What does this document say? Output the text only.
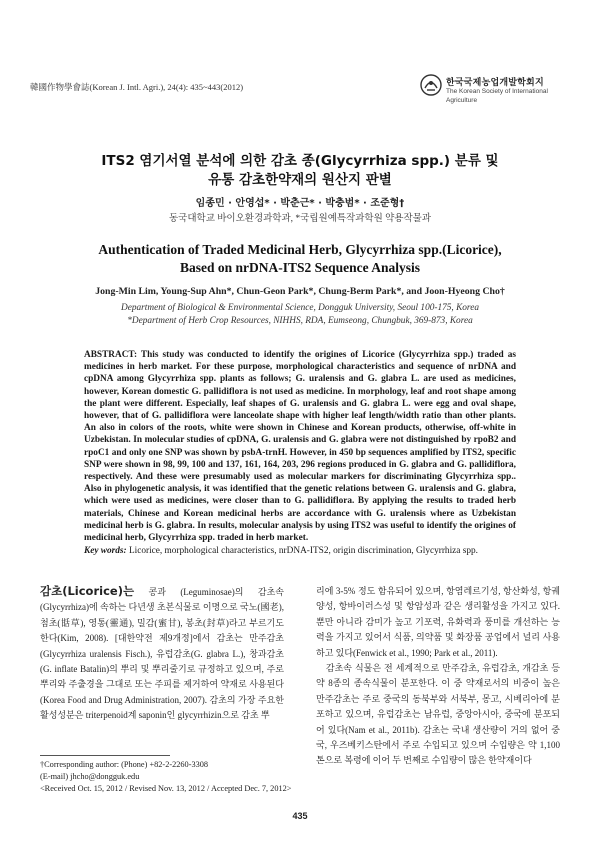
韓國作物學會誌(Korean J. Intl. Agri.), 24(4): 435~443(2012)	한국국제농업개발학회지
The Korean Society of International Agriculture
ITS2 염기서열 분석에 의한 감초 종(Glycyrrhiza spp.) 분류 및
유통 감초한약재의 원산지 판별
임종민 · 안영섭* · 박춘근* · 박충범* · 조준형†
동국대학교 바이오환경과학과, *국립원예특작과학원 약용작물과
Authentication of Traded Medicinal Herb, Glycyrrhiza spp.(Licorice),
Based on nrDNA-ITS2 Sequence Analysis
Jong-Min Lim, Young-Sup Ahn*, Chun-Geon Park*, Chung-Berm Park*, and Joon-Hyeong Cho†
Department of Biological & Environmental Science, Dongguk University, Seoul 100-175, Korea
*Department of Herb Crop Resources, NIHHS, RDA, Eumseong, Chungbuk, 369-873, Korea
ABSTRACT: This study was conducted to identify the origines of Licorice (Glycyrrhiza spp.) traded as medicines in herb market. For these purpose, morphological characteristics and sequence of nrDNA and cpDNA among Glycyrrhiza spp. plants as follows; G. uralensis and G. glabra L. are used as medicines, however, Korean domestic G. pallidiflora is not used as medicine. In morphology, leaf and root shape among the plant were different. Especially, leaf shapes of G. uralensis and G. glabra L. were egg and oval shape, however, that of G. pallidiflora were lanceolate shape with higher leaf length/width ratio than other plants. An also in colors of the roots, white were shown in Chinese and Korean products, otherwise, off-white in Uzbekistan. In molecular studies of cpDNA, G. uralensis and G. glabra were not distinguished by rpoB2 and rpoC1 and only one SNP was shown by psbA-trnH. However, in 450 bp sequences amplified by ITS2, specific SNP were shown in 98, 99, 100 and 137, 161, 164, 203, 296 regions produced in G. glabra and G. pallidiflora, respectively. And these were presumably used as molecular markers for discriminating Glycyrrhiza spp.. Also in phylogenetic analysis, it was identified that the genetic relations between G. uralensis and G. glabra, which were used as medicines, were closer than to G. pallidiflora. By applying the results to traded herb materials, Chinese and Korean medicinal herbs are accordance with G. uralensis where as Uzbekistan medicinal herb is G. glabra. In results, molecular analysis by using ITS2 was useful to identify the origines of medicinal herb, Glycyrrhiza spp. traded in herb market.
Key words: Licorice, morphological characteristics, nrDNA-ITS2, origin discrimination, Glycyrrhiza spp.
감초(Licorice)는 콩과 (Leguminosae)의 감초속 (Glycyrrhiza)에 속하는 다년생 초본식물로 이명으로 국노(國老), 첨초(甛草), 영통(靈通), 밀감(蜜甘), 봉초(封草)라고 부르기도 한다(Kim, 2008). [대한약전 제9개정]에서 감초는 만주감초(Glycyrrhiza uralensis Fisch.), 유럽감초(G. glabra L.), 창과감초(G. inflate Batalin)의 뿌리 및 뿌리줄기로 규정하고 있으며, 주로 뿌리와 주출경을 그대로 또는 주피를 제거하여 약재로 사용된다(Korea Food and Drug Administration, 2007). 감초의 가장 주요한 활성성분은 triterpenoid계 saponin인 glycyrrhizin으로 감초 뿌

리에 3-5% 정도 함유되어 있으며, 항염레르기성, 항산화성, 항궤양성, 항바이러스성 및 항암성과 같은 생리활성을 가지고 있다. 뿐만 아니라 감미가 높고 기포력, 유화력과 풍미를 개선하는 능력을 가지고 있어서 식품, 의약품 및 화장품 공업에서 널리 사용하고 있다(Fenwick et al., 1990; Park et al., 2011).

감초속 식물은 전 세계적으로 만주감초, 유럽감초, 개감초 등 약 8종의 종속식물이 분포한다. 이 중 약재로서의 비중이 높은 만주감초는 주로 중국의 동북부와 서북부, 몽고, 시베리아에 분포하고 있으며, 유럽감초는 남유럽, 중앙아시아, 중국에 분포되어 있다(Nam et al., 2011b). 감초는 국내 생산량이 거의 없어 중국, 우즈베키스탄에서 주로 수입되고 있으며 수입량은 약 1,100톤으로 복령에 이어 두 번째로 수입량이 많은 한약재이다

†Corresponding author: (Phone) +82-2-2260-3308
(E-mail) jhcho@dongguk.edu
<Received Oct. 15, 2012 / Revised Nov. 13, 2012 / Accepted Dec. 7, 2012>
435
